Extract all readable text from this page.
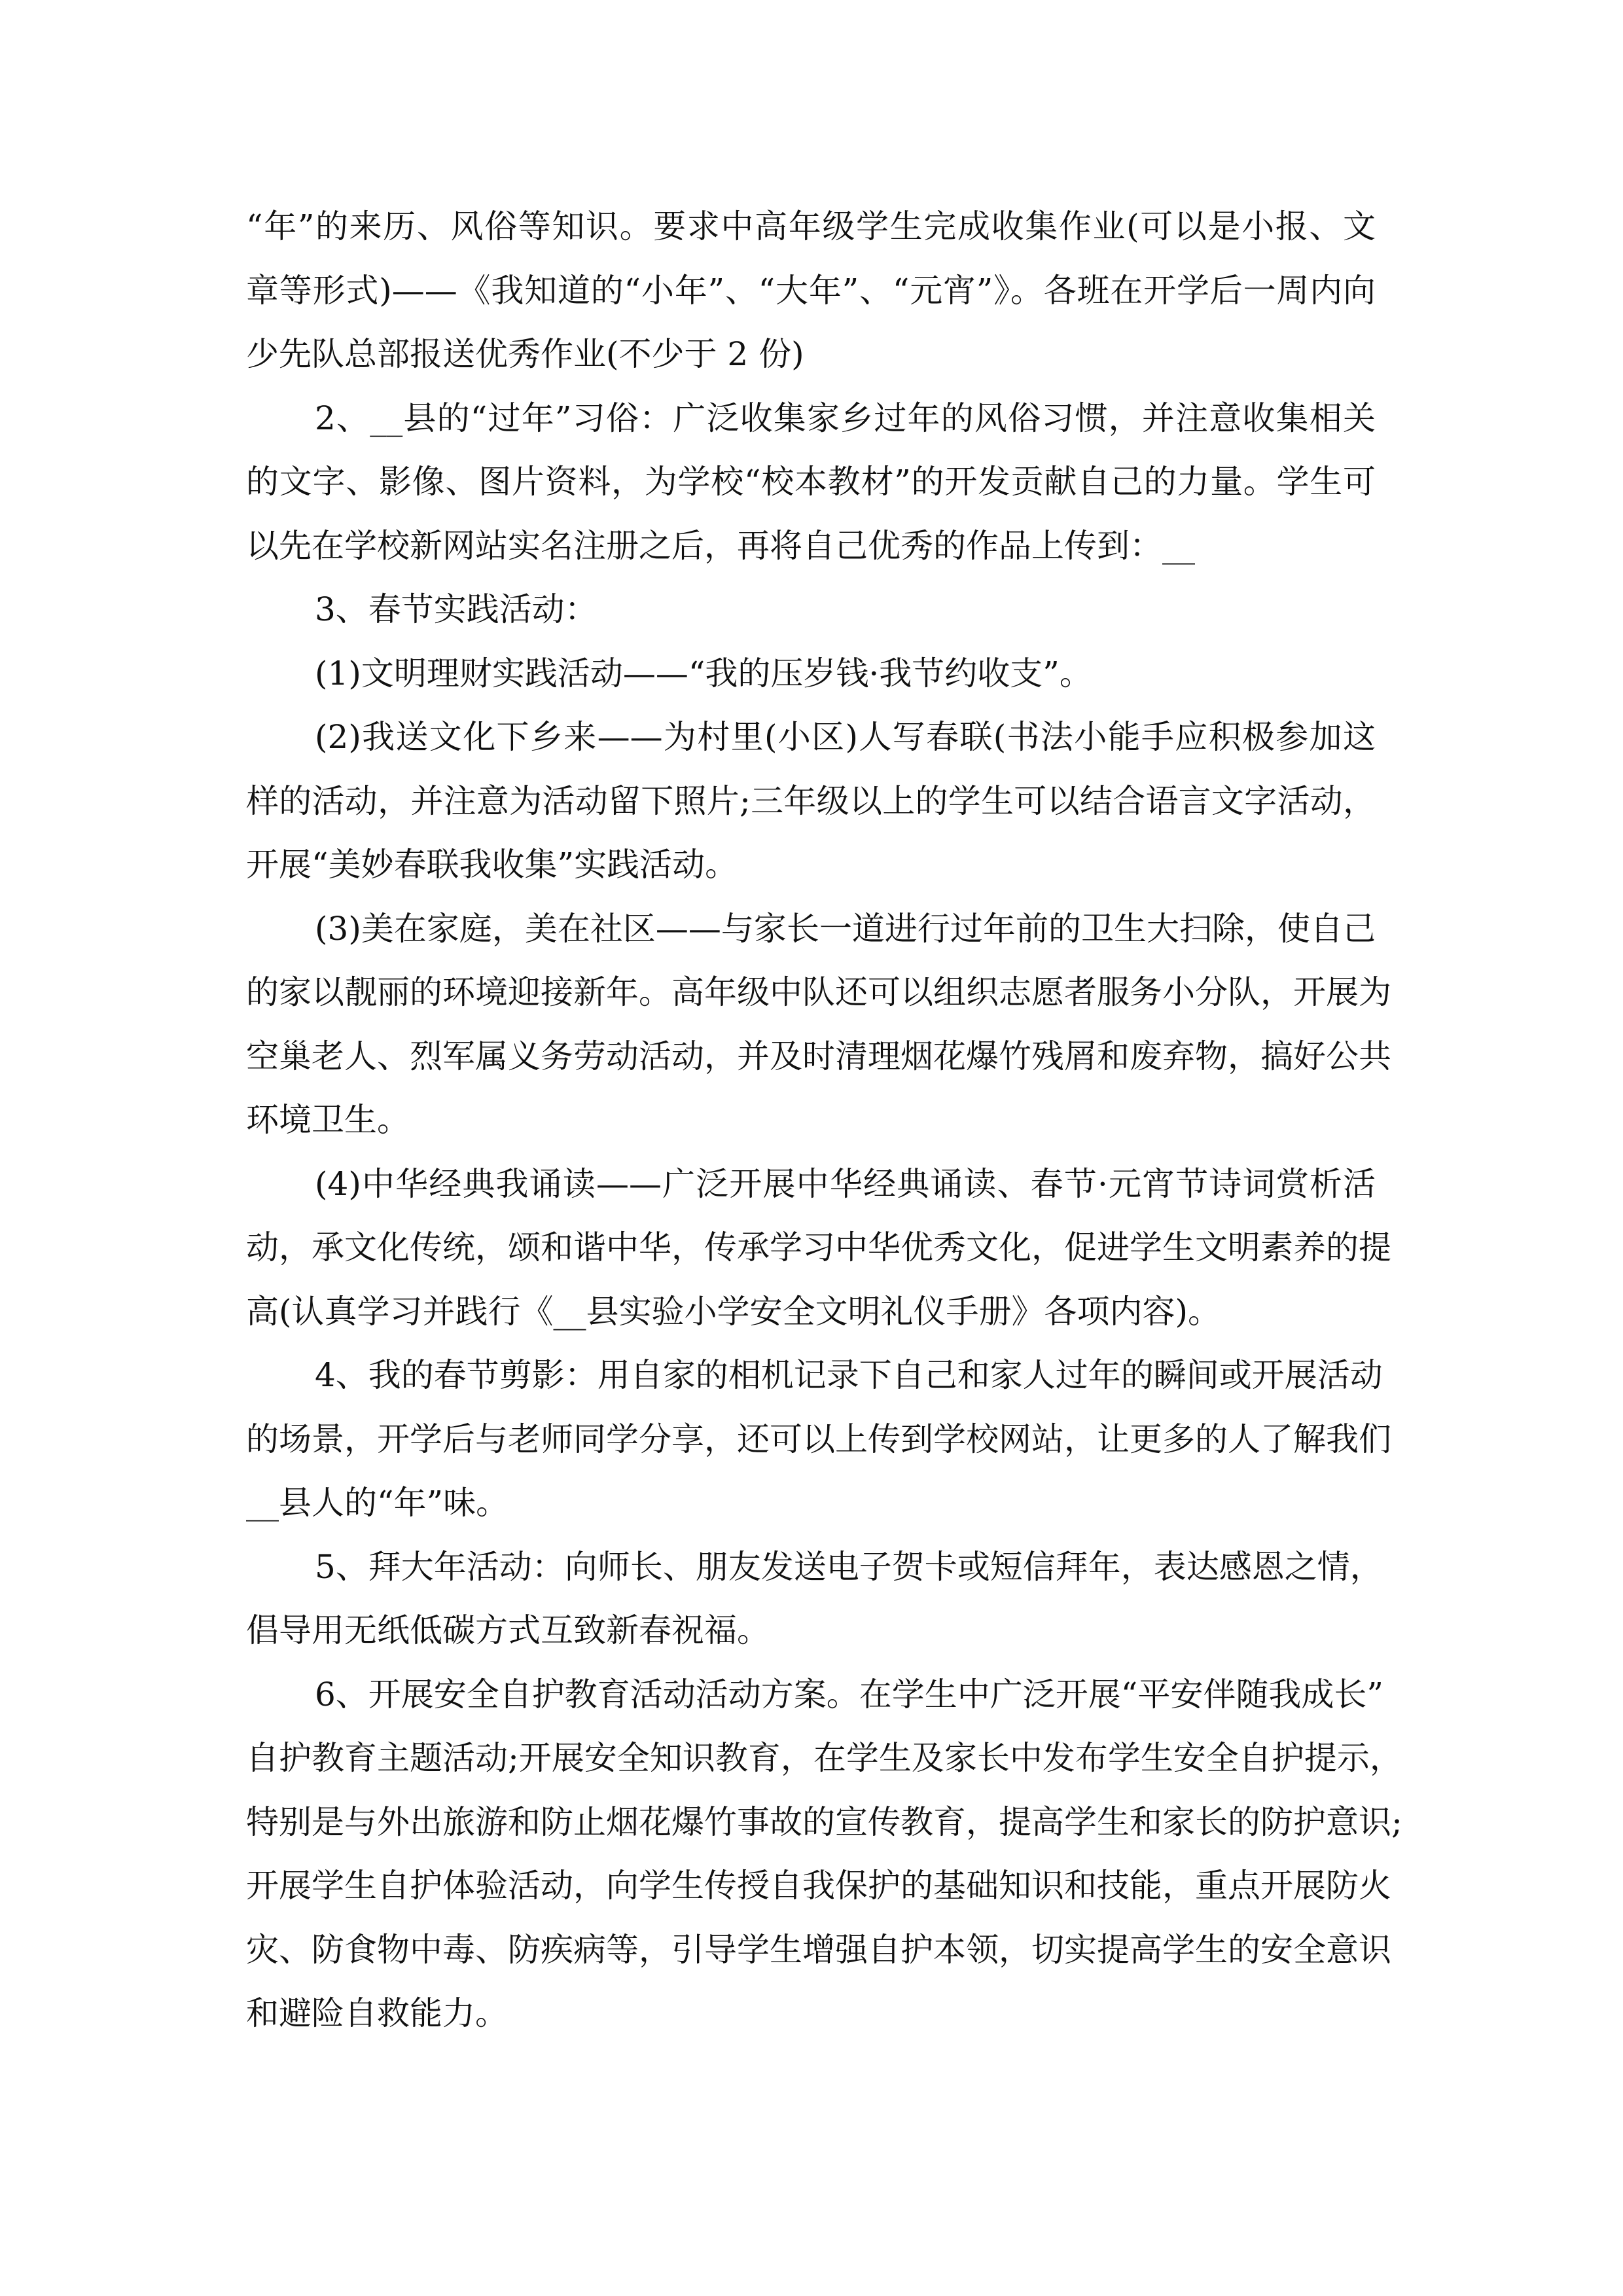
“年”的来历、风俗等知识。要求中高年级学生完成收集作业(可以是小报、文
章等形式)——《我知道的“小年”、“大年”、“元宵”》。各班在开学后一周内向
少先队总部报送优秀作业(不少于 2 份)
2、__县的“过年”习俗：广泛收集家乡过年的风俗习惯，并注意收集相关
的文字、影像、图片资料，为学校“校本教材”的开发贡献自己的力量。学生可
以先在学校新网站实名注册之后，再将自己优秀的作品上传到：__
3、春节实践活动：
(1)文明理财实践活动——“我的压岁钱·我节约收支”。
(2)我送文化下乡来——为村里(小区)人写春联(书法小能手应积极参加这
样的活动，并注意为活动留下照片;三年级以上的学生可以结合语言文字活动，
开展“美妙春联我收集”实践活动。
(3)美在家庭，美在社区——与家长一道进行过年前的卫生大扫除，使自己
的家以靓丽的环境迎接新年。高年级中队还可以组织志愿者服务小分队，开展为
空巢老人、烈军属义务劳动活动，并及时清理烟花爆竹残屑和废弃物，搞好公共
环境卫生。
(4)中华经典我诵读——广泛开展中华经典诵读、春节·元宵节诗词赏析活
动，承文化传统，颂和谐中华，传承学习中华优秀文化，促进学生文明素养的提
高(认真学习并践行《__县实验小学安全文明礼仪手册》各项内容)。
4、我的春节剪影：用自家的相机记录下自己和家人过年的瞬间或开展活动
的场景，开学后与老师同学分享，还可以上传到学校网站，让更多的人了解我们
__县人的“年”味。
5、拜大年活动：向师长、朋友发送电子贺卡或短信拜年，表达感恩之情，
倡导用无纸低碳方式互致新春祝福。
6、开展安全自护教育活动活动方案。在学生中广泛开展“平安伴随我成长”
自护教育主题活动;开展安全知识教育，在学生及家长中发布学生安全自护提示，
特别是与外出旅游和防止烟花爆竹事故的宣传教育，提高学生和家长的防护意识;
开展学生自护体验活动，向学生传授自我保护的基础知识和技能，重点开展防火
灾、防食物中毒、防疾病等，引导学生增强自护本领，切实提高学生的安全意识
和避险自救能力。
